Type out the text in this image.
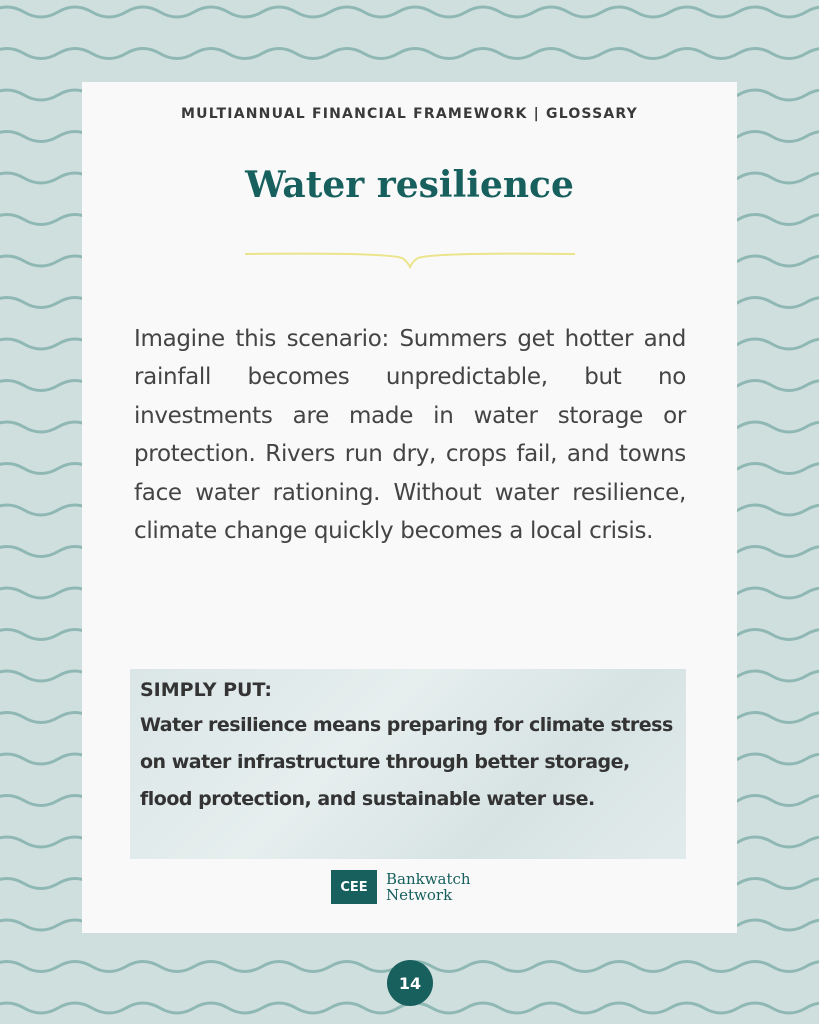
MULTIANNUAL FINANCIAL FRAMEWORK | GLOSSARY
Water resilience

Imagine this scenario: Summers get hotter and rainfall becomes unpredictable, but no investments are made in water storage or protection. Rivers run dry, crops fail, and towns face water rationing. Without water resilience, climate change quickly becomes a local crisis.

SIMPLY PUT:
Water resilience means preparing for climate stress on water infrastructure through better storage, flood protection, and sustainable water use.
CEE	Bankwatch
Network
14
